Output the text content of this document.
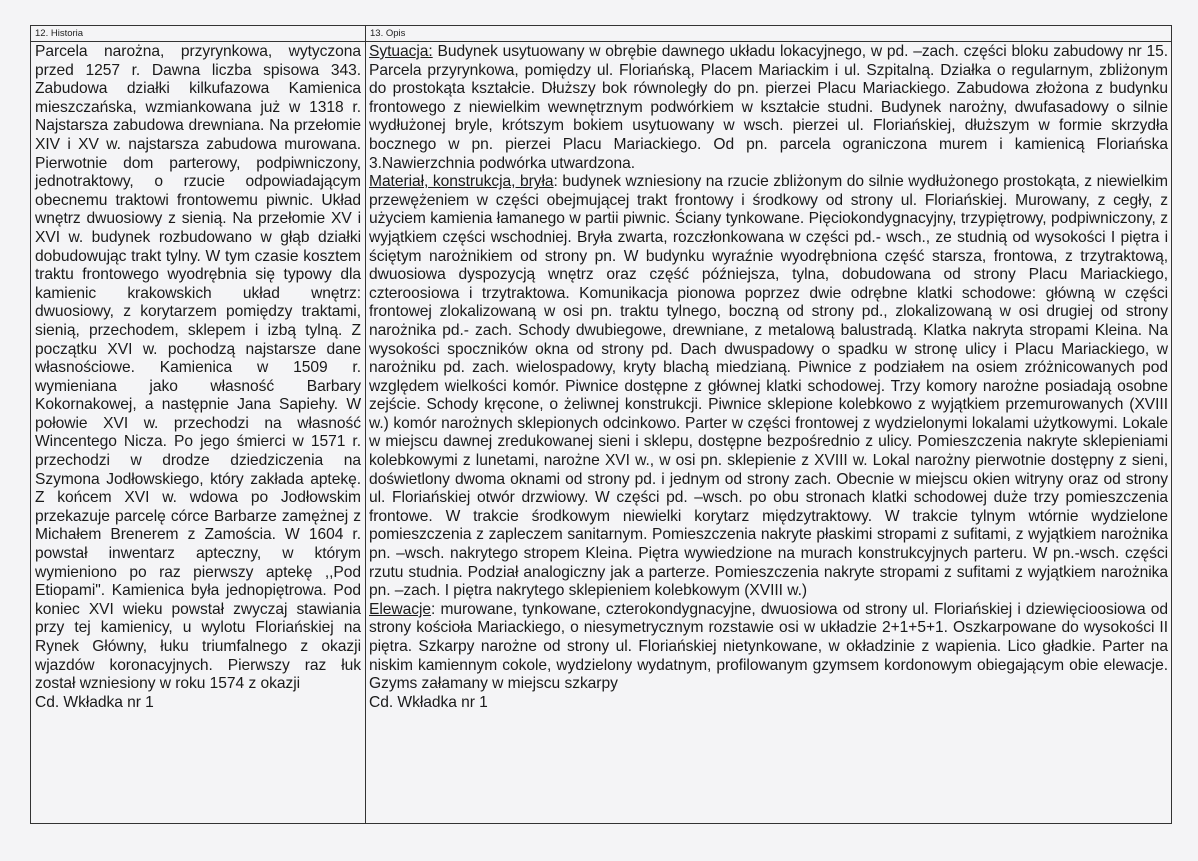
12. Historia

Parcela narożna, przyrynkowa, wytyczona przed 1257 r. Dawna liczba spisowa 343. Zabudowa działki kilkufazowa Kamienica mieszczańska, wzmiankowana już w 1318 r. Najstarsza zabudowa drewniana. Na przełomie XIV i XV w. najstarsza zabudowa murowana. Pierwotnie dom parterowy, podpiwniczony, jednotraktowy, o rzucie odpowiadającym obecnemu traktowi frontowemu piwnic. Układ wnętrz dwuosiowy z sienią. Na przełomie XV i XVI w. budynek rozbudowano w głąb działki dobudowując trakt tylny. W tym czasie kosztem traktu frontowego wyodrębnia się typowy dla kamienic krakowskich układ wnętrz: dwuosiowy, z korytarzem pomiędzy traktami, sienią, przechodem, sklepem i izbą tylną. Z początku XVI w. pochodzą najstarsze dane własnościowe. Kamienica w 1509 r. wymieniana jako własność Barbary Kokornakowej, a następnie Jana Sapiehy. W połowie XVI w. przechodzi na własność Wincentego Nicza. Po jego śmierci w 1571 r. przechodzi w drodze dziedziczenia na Szymona Jodłowskiego, który zakłada aptekę. Z końcem XVI w. wdowa po Jodłowskim przekazuje parcelę córce Barbarze zamężnej z Michałem Brenerem z Zamościa. W 1604 r. powstał inwentarz apteczny, w którym wymieniono po raz pierwszy aptekę ,,Pod Etiopami". Kamienica była jednopiętrowa. Pod koniec XVI wieku powstał zwyczaj stawiania przy tej kamienicy, u wylotu Floriańskiej na Rynek Główny, łuku triumfalnego z okazji wjazdów koronacyjnych. Pierwszy raz łuk został wzniesiony w roku 1574 z okazji

Cd. Wkładka nr 1

13. Opis

Sytuacja: Budynek usytuowany w obrębie dawnego układu lokacyjnego, w pd. –zach. części bloku zabudowy nr 15. Parcela przyrynkowa, pomiędzy ul. Floriańską, Placem Mariackim i ul. Szpitalną. Działka o regularnym, zbliżonym do prostokąta kształcie. Dłuższy bok równoległy do pn. pierzei Placu Mariackiego. Zabudowa złożona z budynku frontowego z niewielkim wewnętrznym podwórkiem w kształcie studni. Budynek narożny, dwufasadowy o silnie wydłużonej bryle, krótszym bokiem usytuowany w wsch. pierzei ul. Floriańskiej, dłuższym w formie skrzydła bocznego w pn. pierzei Placu Mariackiego. Od pn. parcela ograniczona murem i kamienicą Floriańska 3.Nawierzchnia podwórka utwardzona.

Materiał, konstrukcja, bryła: budynek wzniesiony na rzucie zbliżonym do silnie wydłużonego prostokąta, z niewielkim przewężeniem w części obejmującej trakt frontowy i środkowy od strony ul. Floriańskiej. Murowany, z cegły, z użyciem kamienia łamanego w partii piwnic. Ściany tynkowane. Pięciokondygnacyjny, trzypiętrowy, podpiwniczony, z wyjątkiem części wschodniej. Bryła zwarta, rozczłonkowana w części pd.- wsch., ze studnią od wysokości I piętra i ściętym narożnikiem od strony pn. W budynku wyraźnie wyodrębniona część starsza, frontowa, z trzytraktową, dwuosiowa dyspozycją wnętrz oraz część późniejsza, tylna, dobudowana od strony Placu Mariackiego, czteroosiowa i trzytraktowa. Komunikacja pionowa poprzez dwie odrębne klatki schodowe: główną w części frontowej zlokalizowaną w osi pn. traktu tylnego, boczną od strony pd., zlokalizowaną w osi drugiej od strony narożnika pd.- zach. Schody dwubiegowe, drewniane, z metalową balustradą. Klatka nakryta stropami Kleina. Na wysokości spoczników okna od strony pd. Dach dwuspadowy o spadku w stronę ulicy i Placu Mariackiego, w narożniku pd. zach. wielospadowy, kryty blachą miedzianą. Piwnice z podziałem na osiem zróżnicowanych pod względem wielkości komór. Piwnice dostępne z głównej klatki schodowej. Trzy komory narożne posiadają osobne zejście. Schody kręcone, o żeliwnej konstrukcji. Piwnice sklepione kolebkowo z wyjątkiem przemurowanych (XVIII w.) komór narożnych sklepionych odcinkowo. Parter w części frontowej z wydzielonymi lokalami użytkowymi. Lokale w miejscu dawnej zredukowanej sieni i sklepu, dostępne bezpośrednio z ulicy. Pomieszczenia nakryte sklepieniami kolebkowymi z lunetami, narożne XVI w., w osi pn. sklepienie z XVIII w. Lokal narożny pierwotnie dostępny z sieni, doświetlony dwoma oknami od strony pd. i jednym od strony zach. Obecnie w miejscu okien witryny oraz od strony ul. Floriańskiej otwór drzwiowy. W części pd. –wsch. po obu stronach klatki schodowej duże trzy pomieszczenia frontowe. W trakcie środkowym niewielki korytarz międzytraktowy. W trakcie tylnym wtórnie wydzielone pomieszczenia z zapleczem sanitarnym. Pomieszczenia nakryte płaskimi stropami z sufitami, z wyjątkiem narożnika pn. –wsch. nakrytego stropem Kleina. Piętra wywiedzione na murach konstrukcyjnych parteru. W pn.-wsch. części rzutu studnia. Podział analogiczny jak a parterze. Pomieszczenia nakryte stropami z sufitami z wyjątkiem narożnika pn. –zach. I piętra nakrytego sklepieniem kolebkowym (XVIII w.)

Elewacje: murowane, tynkowane, czterokondygnacyjne, dwuosiowa od strony ul. Floriańskiej i dziewięcioosiowa od strony kościoła Mariackiego, o niesymetrycznym rozstawie osi w układzie 2+1+5+1. Oszkarpowane do wysokości II piętra. Szkarpy narożne od strony ul. Floriańskiej nietynkowane, w okładzinie z wapienia. Lico gładkie. Parter na niskim kamiennym cokole, wydzielony wydatnym, profilowanym gzymsem kordonowym obiegającym obie elewacje. Gzyms załamany w miejscu szkarpy

Cd. Wkładka nr 1
